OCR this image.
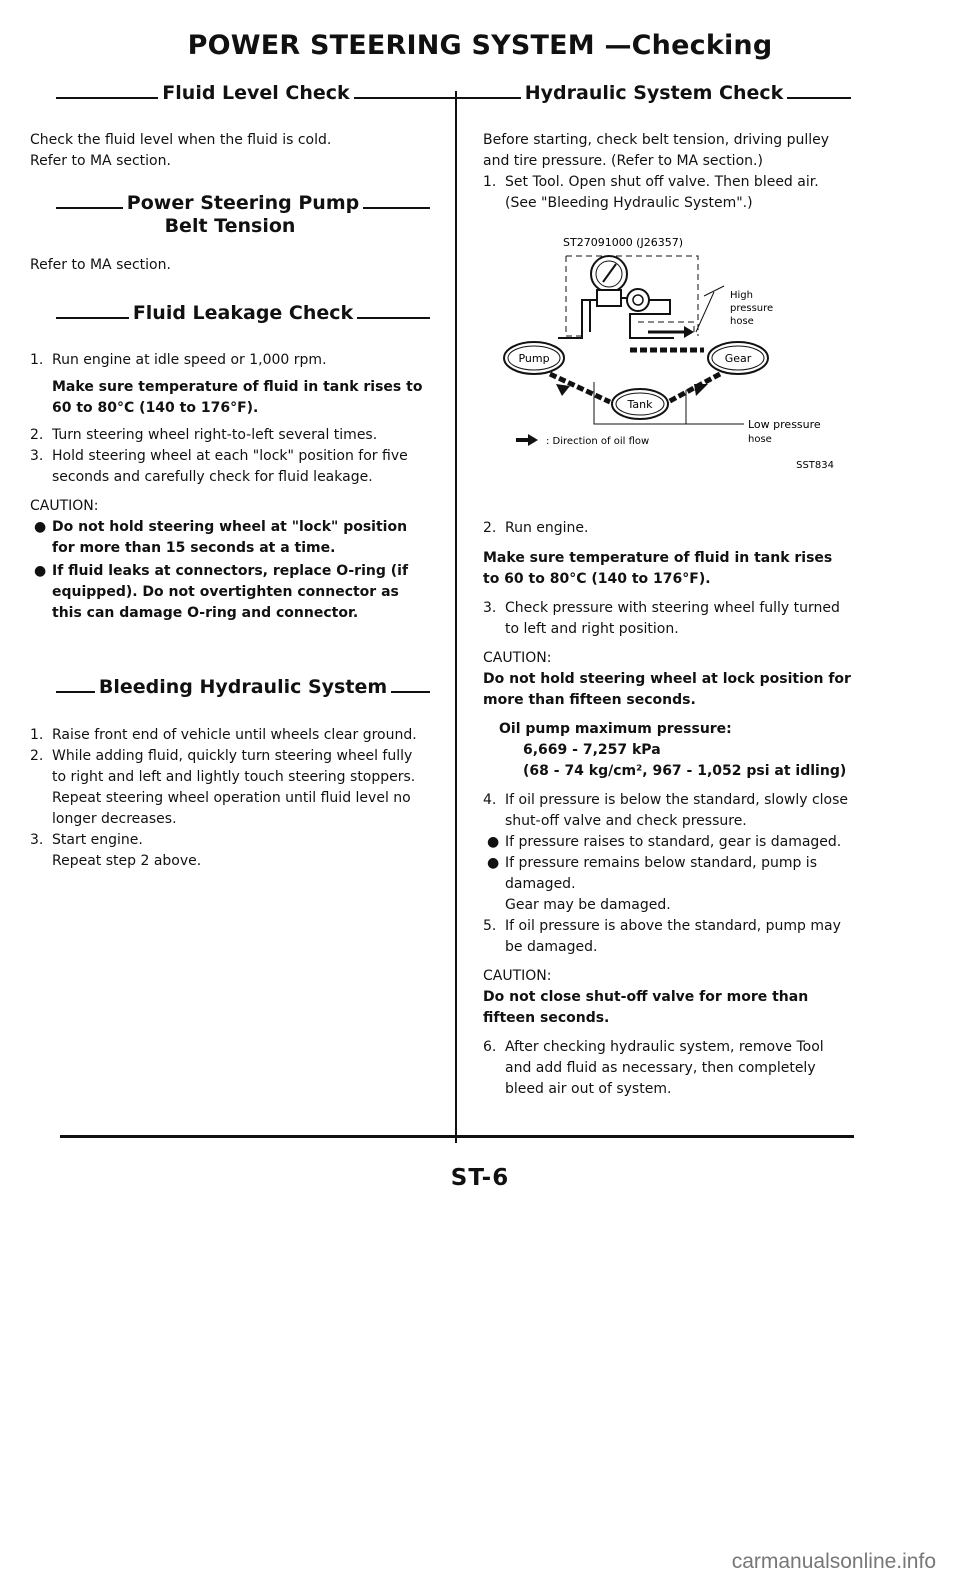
POWER STEERING SYSTEM —Checking
Fluid Level Check

Check the fluid level when the fluid is cold.

Refer to MA section.

Power Steering Pump
Belt Tension

Refer to MA section.

Fluid Leakage Check
1. Run engine at idle speed or 1,000 rpm.
Make sure temperature of fluid in tank rises to 60 to 80°C (140 to 176°F).
2. Turn steering wheel right-to-left several times.
3. Hold steering wheel at each "lock" position for five seconds and carefully check for fluid leakage.
CAUTION:
● Do not hold steering wheel at "lock" position for more than 15 seconds at a time.
● If fluid leaks at connectors, replace O-ring (if equipped). Do not overtighten connector as this can damage O-ring and connector.
Bleeding Hydraulic System
1. Raise front end of vehicle until wheels clear ground.
2. While adding fluid, quickly turn steering wheel fully to right and left and lightly touch steering stoppers.
Repeat steering wheel operation until fluid level no longer decreases.
3. Start engine.
Repeat step 2 above.
Hydraulic System Check
Before starting, check belt tension, driving pulley and tire pressure. (Refer to MA section.)
1. Set Tool. Open shut off valve. Then bleed air.
(See "Bleeding Hydraulic System".)
ST27091000 (J26357)
High
pressure
hose
Pump	Gear
Tank
Low pressure
hose
: Direction of oil flow
SST834
2. Run engine.
Make sure temperature of fluid in tank rises to 60 to 80°C (140 to 176°F).
3. Check pressure with steering wheel fully turned to left and right position.
CAUTION:
Do not hold steering wheel at lock position for more than fifteen seconds.
Oil pump maximum pressure:
6,669 - 7,257 kPa
(68 - 74 kg/cm², 967 - 1,052 psi at idling)
4. If oil pressure is below the standard, slowly close shut-off valve and check pressure.
● If pressure raises to standard, gear is damaged.
● If pressure remains below standard, pump is damaged.
Gear may be damaged.
5. If oil pressure is above the standard, pump may be damaged.
CAUTION:
Do not close shut-off valve for more than fifteen seconds.
6. After checking hydraulic system, remove Tool and add fluid as necessary, then completely bleed air out of system.
ST-6
carmanualsonline.info
